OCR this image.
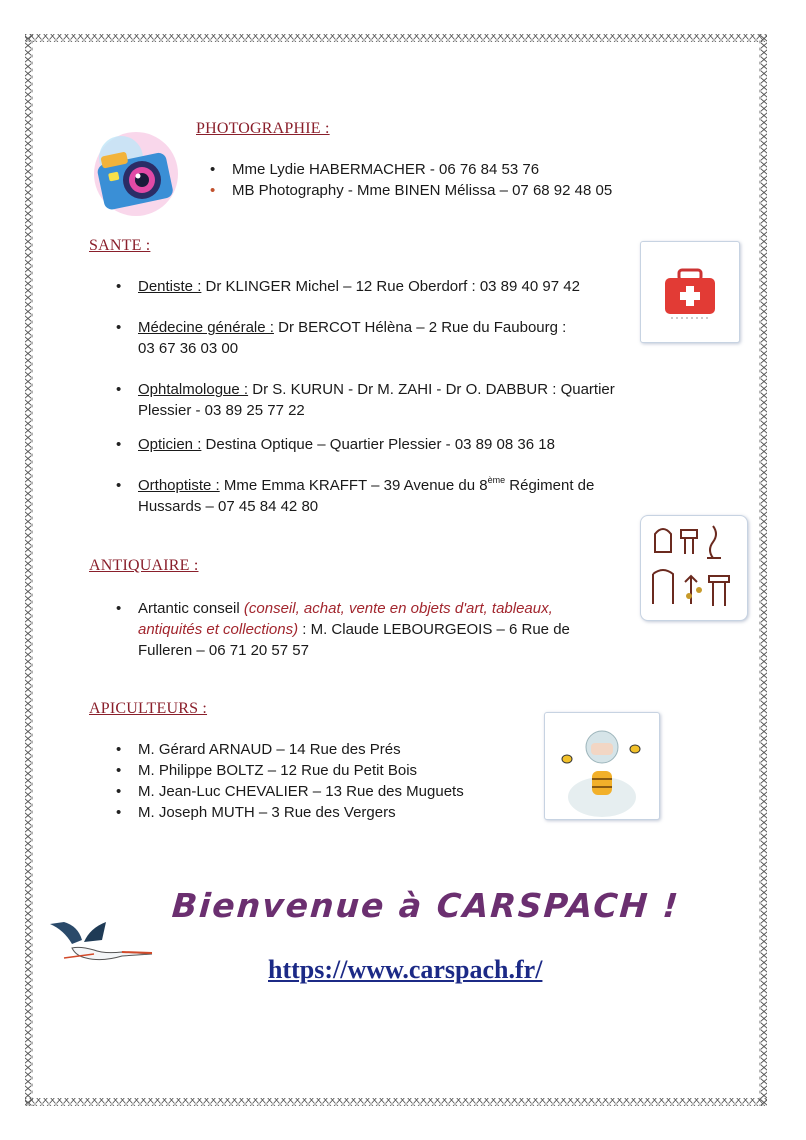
PHOTOGRAPHIE :
• Mme Lydie HABERMACHER - 06 76 84 53 76
• MB Photography - Mme BINEN Mélissa – 07 68 92 48 05
SANTE :
• Dentiste : Dr KLINGER Michel – 12 Rue Oberdorf : 03 89 40 97 42
• Médecine générale : Dr BERCOT Hélèna – 2 Rue du Faubourg :
03 67 36 03 00
• Ophtalmologue : Dr S. KURUN - Dr M. ZAHI - Dr O. DABBUR : Quartier
Plessier - 03 89 25 77 22
• Opticien : Destina Optique – Quartier Plessier - 03 89 08 36 18
• Orthoptiste : Mme Emma KRAFFT – 39 Avenue du 8ème Régiment de
Hussards – 07 45 84 42 80
ANTIQUAIRE :
• Artantic conseil (conseil, achat, vente en objets d'art, tableaux,
antiquités et collections) : M. Claude LEBOURGEOIS – 6 Rue de
Fulleren – 06 71 20 57 57
APICULTEURS :
• M. Gérard ARNAUD – 14 Rue des Prés
• M. Philippe BOLTZ – 12 Rue du Petit Bois
• M. Jean-Luc CHEVALIER – 13 Rue des Muguets
• M. Joseph MUTH – 3 Rue des Vergers
Bienvenue à CARSPACH !
https://www.carspach.fr/
